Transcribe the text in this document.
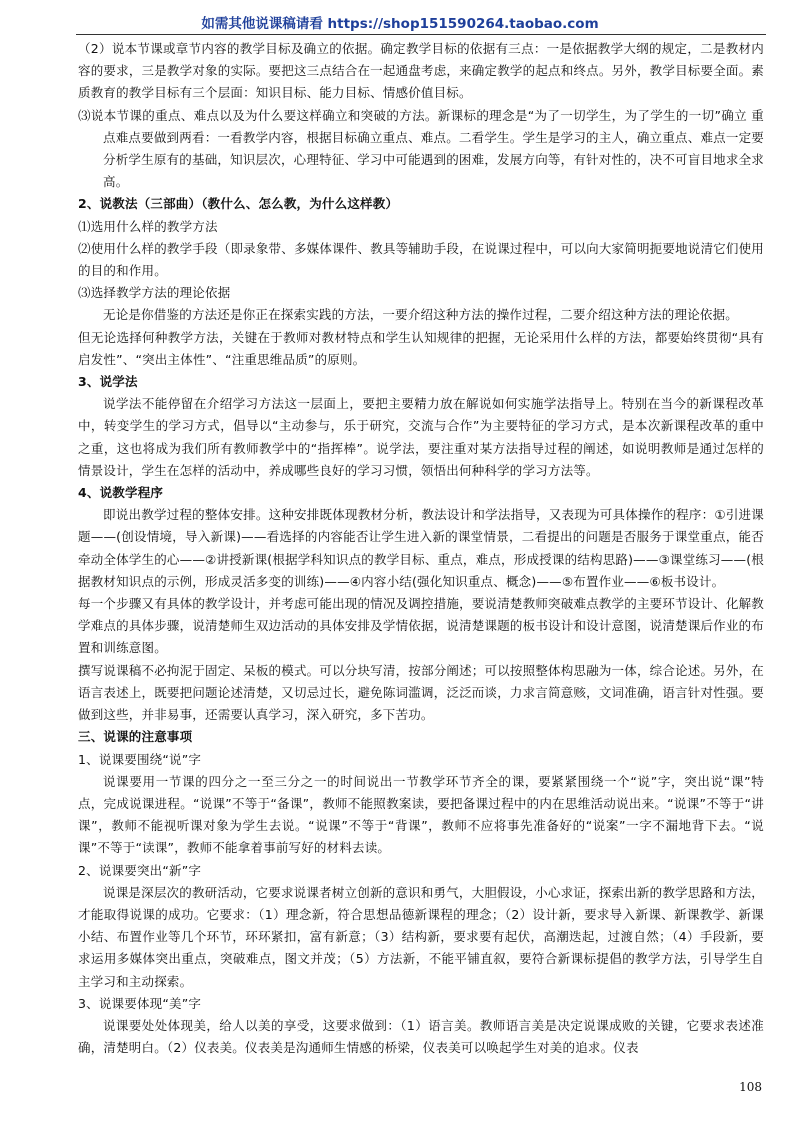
如需其他说课稿请看 https://shop151590264.taobao.com

（2）说本节课或章节内容的教学目标及确立的依据。确定教学目标的依据有三点：一是依据教学大纲的规定，二是教材内容的要求，三是教学对象的实际。要把这三点结合在一起通盘考虑，来确定教学的起点和终点。另外，教学目标要全面。素质教育的教学目标有三个层面：知识目标、能力目标、情感价值目标。

⑶说本节课的重点、难点以及为什么要这样确立和突破的方法。新课标的理念是“为了一切学生，为了学生的一切”确立 重点难点要做到两看：一看教学内容，根据目标确立重点、难点。二看学生。学生是学习的主人，确立重点、难点一定要分析学生原有的基础，知识层次，心理特征、学习中可能遇到的困难，发展方向等，有针对性的，决不可盲目地求全求高。

2、说教法（三部曲）（教什么、怎么教，为什么这样教）

⑴选用什么样的教学方法

⑵使用什么样的教学手段（即录象带、多媒体课件、教具等辅助手段，在说课过程中，可以向大家简明扼要地说清它们使用的目的和作用。

⑶选择教学方法的理论依据

无论是你借鉴的方法还是你正在探索实践的方法，一要介绍这种方法的操作过程，二要介绍这种方法的理论依据。

但无论选择何种教学方法，关键在于教师对教材特点和学生认知规律的把握，无论采用什么样的方法，都要始终贯彻“具有启发性”、“突出主体性”、“注重思维品质”的原则。

3、说学法

说学法不能停留在介绍学习方法这一层面上，要把主要精力放在解说如何实施学法指导上。特别在当今的新课程改革中，转变学生的学习方式，倡导以“主动参与，乐于研究，交流与合作”为主要特征的学习方式，是本次新课程改革的重中之重，这也将成为我们所有教师教学中的“指挥棒”。说学法，要注重对某方法指导过程的阐述，如说明教师是通过怎样的情景设计，学生在怎样的活动中，养成哪些良好的学习习惯，领悟出何种科学的学习方法等。

4、说教学程序

即说出教学过程的整体安排。这种安排既体现教材分析，教法设计和学法指导，又表现为可具体操作的程序：①引进课题——(创设情境，导入新课)——看选择的内容能否让学生进入新的课堂情景，二看提出的问题是否服务于课堂重点，能否牵动全体学生的心——②讲授新课(根据学科知识点的教学目标、重点，难点，形成授课的结构思路)——③课堂练习——(根据教材知识点的示例，形成灵活多变的训练)——④内容小结(强化知识重点、概念)——⑤布置作业——⑥板书设计。

每一个步骤又有具体的教学设计，并考虑可能出现的情况及调控措施，要说清楚教师突破难点教学的主要环节设计、化解教学难点的具体步骤，说清楚师生双边活动的具体安排及学情依据，说清楚课题的板书设计和设计意图，说清楚课后作业的布置和训练意图。

撰写说课稿不必拘泥于固定、呆板的模式。可以分块写清，按部分阐述；可以按照整体构思融为一体，综合论述。另外，在语言表述上，既要把问题论述清楚，又切忌过长，避免陈词滥调，泛泛而谈，力求言简意赅，文词准确，语言针对性强。要做到这些，并非易事，还需要认真学习，深入研究，多下苦功。

三、说课的注意事项

1、说课要围绕“说”字

说课要用一节课的四分之一至三分之一的时间说出一节教学环节齐全的课，要紧紧围绕一个“说”字，突出说“课”特点，完成说课进程。“说课”不等于“备课”，教师不能照教案读，要把备课过程中的内在思维活动说出来。“说课”不等于“讲课”，教师不能视听课对象为学生去说。“说课”不等于“背课”，教师不应将事先准备好的“说案”一字不漏地背下去。“说课”不等于“读课”，教师不能拿着事前写好的材料去读。

2、说课要突出“新”字

说课是深层次的教研活动，它要求说课者树立创新的意识和勇气，大胆假设，小心求证，探索出新的教学思路和方法，才能取得说课的成功。它要求：（1）理念新，符合思想品德新课程的理念；（2）设计新，要求导入新课、新课教学、新课小结、布置作业等几个环节，环环紧扣，富有新意；（3）结构新，要求要有起伏，高潮迭起，过渡自然；（4）手段新，要求运用多媒体突出重点，突破难点，图文并茂；（5）方法新，不能平铺直叙，要符合新课标提倡的教学方法，引导学生自主学习和主动探索。

3、说课要体现“美”字

说课要处处体现美，给人以美的享受，这要求做到：（1）语言美。教师语言美是决定说课成败的关键，它要求表述准确，清楚明白。（2）仪表美。仪表美是沟通师生情感的桥梁，仪表美可以唤起学生对美的追求。仪表

108
